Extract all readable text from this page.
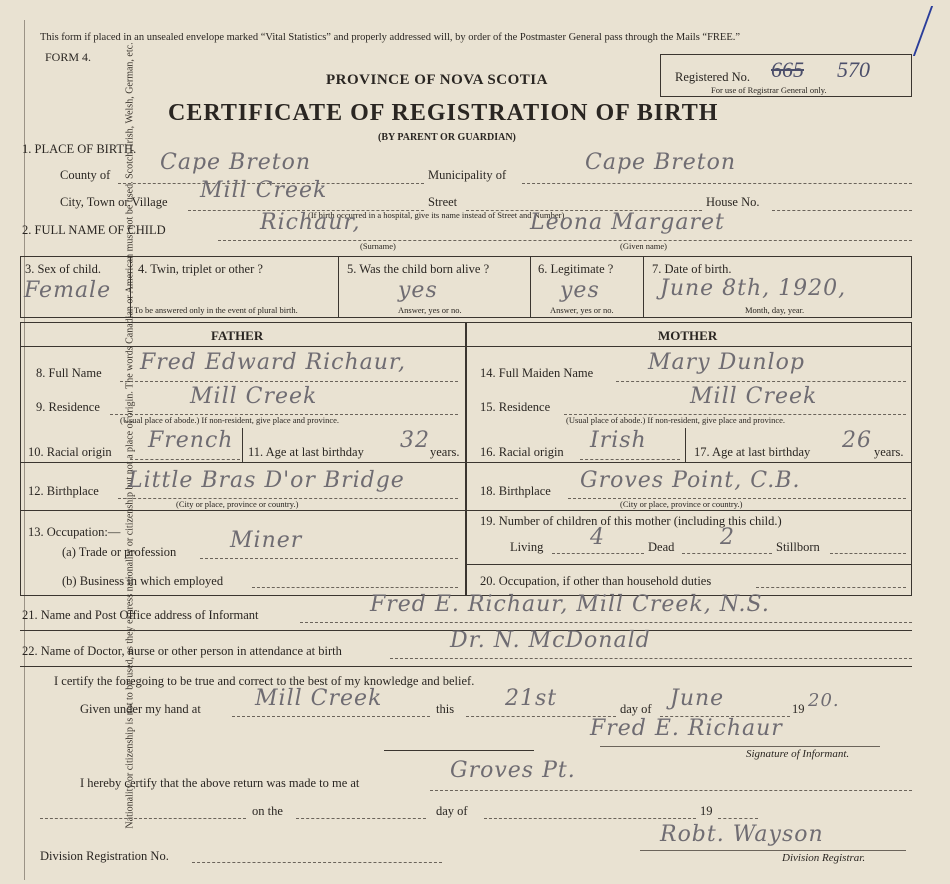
Nationality or citizenship is not to be used, as they express nationality or citizenship but not a place of origin. The words Canadian or American must not be used. Scotch, Irish, Welsh, German, etc.
This form if placed in an unsealed envelope marked “Vital Statistics” and properly addressed will, by order of the Postmaster General pass through the Mails “FREE.”
FORM 4.
PROVINCE OF NOVA SCOTIA
CERTIFICATE OF REGISTRATION OF BIRTH
(BY PARENT OR GUARDIAN)
Registered No. 665 570
For use of Registrar General only.
1. PLACE OF BIRTH.
County of Cape Breton	Municipality of	Cape Breton
City, Town or Village Mill Creek	Street	House No.
(If birth occurred in a hospital, give its name instead of Street and Number)
2. FULL NAME OF CHILD	Richaur,	Leona Margaret
(Surname)	(Given name)
3. Sex of child.
Female
4. Twin, triplet or other ?
To be answered only in the event of plural birth.
5. Was the child born alive ?
yes
Answer, yes or no.
6. Legitimate ?
yes
Answer, yes or no.
7. Date of birth.
June 8th, 1920,
Month, day, year.
FATHER	MOTHER
8. Full Name Fred Edward Richaur,
9. Residence	Mill Creek
(Usual place of abode.) If non-resident, give place and province.
10. Racial origin French 11. Age at last birthday 32 years.
12. Birthplace Little Bras D'or Bridge
(City or place, province or country.)
13. Occupation:—
(a) Trade or profession Miner
(b) Business in which employed
14. Full Maiden Name Mary Dunlop
15. Residence	Mill Creek
(Usual place of abode.) If non-resident, give place and province.
16. Racial origin Irish	17. Age at last birthday 26 years.
18. Birthplace Groves Point, C.B.
(City or place, province or country.)
19. Number of children of this mother (including this child.)
Living 4	Dead 2	Stillborn
20. Occupation, if other than household duties
21. Name and Post Office address of Informant	Fred E. Richaur, Mill Creek, N.S.
22. Name of Doctor, nurse or other person in attendance at birth	Dr. N. McDonald
I certify the foregoing to be true and correct to the best of my knowledge and belief.
Given under my hand at Mill Creek	this 21st	day of June	19 20.
Fred E. Richaur
Signature of Informant.
I hereby certify that the above return was made to me at	Groves Pt.
on the	day of	19
Division Registration No.
Robt. Wayson
Division Registrar.
